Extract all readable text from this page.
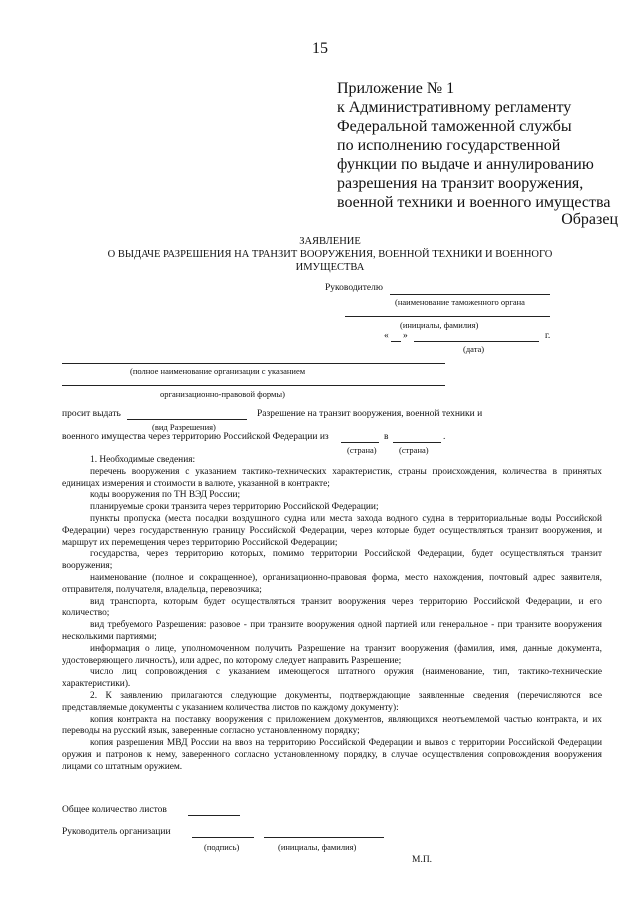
15
Приложение № 1
к Административному регламенту
Федеральной таможенной службы
по исполнению государственной
функции по выдаче и аннулированию
разрешения на транзит вооружения,
военной техники и военного имущества
Образец
ЗАЯВЛЕНИЕ
О ВЫДАЧЕ РАЗРЕШЕНИЯ НА ТРАНЗИТ ВООРУЖЕНИЯ, ВОЕННОЙ ТЕХНИКИ И ВОЕННОГО
ИМУЩЕСТВА
Руководителю
(наименование таможенного органа
(инициалы, фамилия)
« »	г.
(дата)
(полное наименование организации с указанием
организационно-правовой формы)
просит выдать	Разрешение на транзит вооружения, военной техники и
(вид Разрешения)
военного имущества через территорию Российской Федерации из	в	.
(страна)	(страна)

1. Необходимые сведения:

перечень вооружения с указанием тактико-технических характеристик, страны происхождения, количества в принятых единицах измерения и стоимости в валюте, указанной в контракте;

коды вооружения по ТН ВЭД России;

планируемые сроки транзита через территорию Российской Федерации;

пункты пропуска (места посадки воздушного судна или места захода водного судна в территориальные воды Российской Федерации) через государственную границу Российской Федерации, через которые будет осуществляться транзит вооружения, и маршрут их перемещения через территорию Российской Федерации;

государства, через территорию которых, помимо территории Российской Федерации, будет осуществляться транзит вооружения;

наименование (полное и сокращенное), организационно-правовая форма, место нахождения, почтовый адрес заявителя, отправителя, получателя, владельца, перевозчика;

вид транспорта, которым будет осуществляться транзит вооружения через территорию Российской Федерации, и его количество;

вид требуемого Разрешения: разовое - при транзите вооружения одной партией или генеральное - при транзите вооружения несколькими партиями;

информация о лице, уполномоченном получить Разрешение на транзит вооружения (фамилия, имя, данные документа, удостоверяющего личность), или адрес, по которому следует направить Разрешение;

число лиц сопровождения с указанием имеющегося штатного оружия (наименование, тип, тактико-технические характеристики).

2. К заявлению прилагаются следующие документы, подтверждающие заявленные сведения (перечисляются все представляемые документы с указанием количества листов по каждому документу):

копия контракта на поставку вооружения с приложением документов, являющихся неотъемлемой частью контракта, и их переводы на русский язык, заверенные согласно установленному порядку;

копия разрешения МВД России на ввоз на территорию Российской Федерации и вывоз с территории Российской Федерации оружия и патронов к нему, заверенного согласно установленному порядку, в случае осуществления сопровождения вооружения лицами со штатным оружием.

Общее количество листов
Руководитель организации
(подпись)	(инициалы, фамилия)
М.П.
